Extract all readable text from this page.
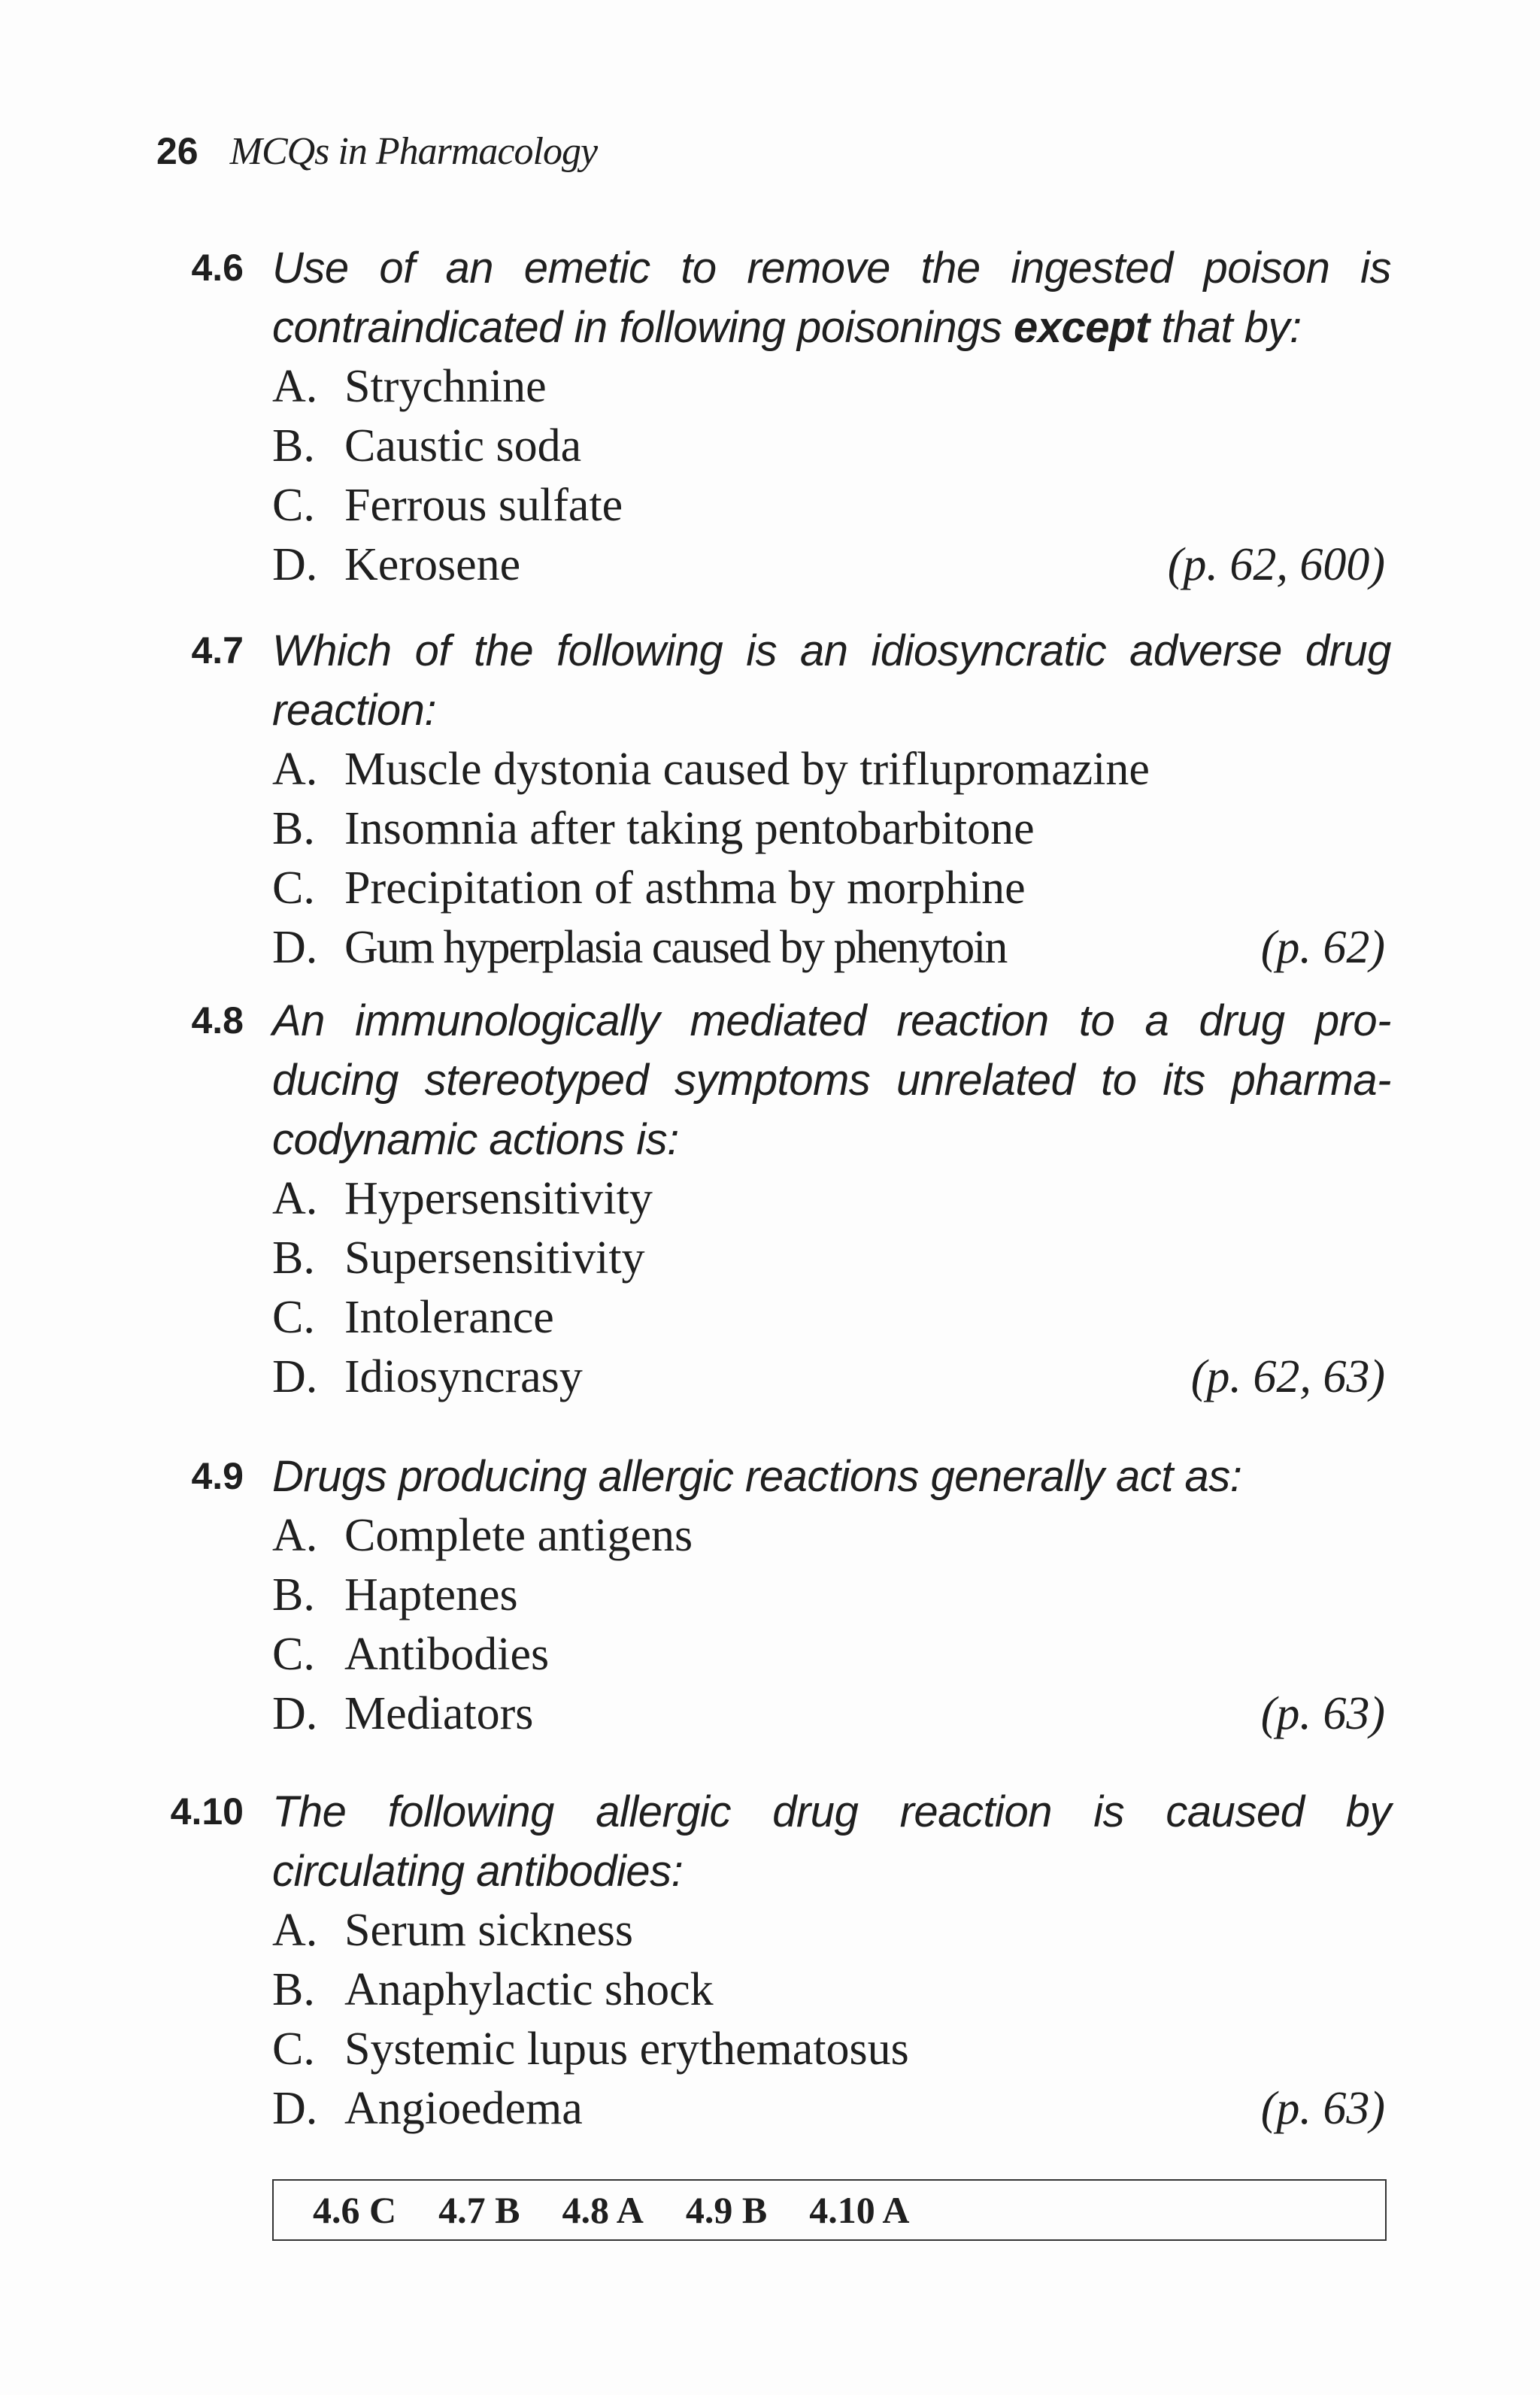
26 MCQs in Pharmacology
4.6 Use of an emetic to remove the ingested poison is
contraindicated in following poisonings except that by:
A. Strychnine
B. Caustic soda
C. Ferrous sulfate
D. Kerosene	(p. 62, 600)
4.7 Which of the following is an idiosyncratic adverse drug
reaction:
A. Muscle dystonia caused by triflupromazine
B. Insomnia after taking pentobarbitone
C. Precipitation of asthma by morphine
D. Gum hyperplasia caused by phenytoin	(p. 62)
4.8 An immunologically mediated reaction to a drug pro-
ducing stereotyped symptoms unrelated to its pharma-
codynamic actions is:
A. Hypersensitivity
B. Supersensitivity
C. Intolerance
D. Idiosyncrasy	(p. 62, 63)
4.9 Drugs producing allergic reactions generally act as:
A. Complete antigens
B. Haptenes
C. Antibodies
D. Mediators	(p. 63)
4.10 The following allergic drug reaction is caused by
circulating antibodies:
A. Serum sickness
B. Anaphylactic shock
C. Systemic lupus erythematosus
D. Angioedema	(p. 63)
4.6 C 4.7 B 4.8 A 4.9 B 4.10 A
